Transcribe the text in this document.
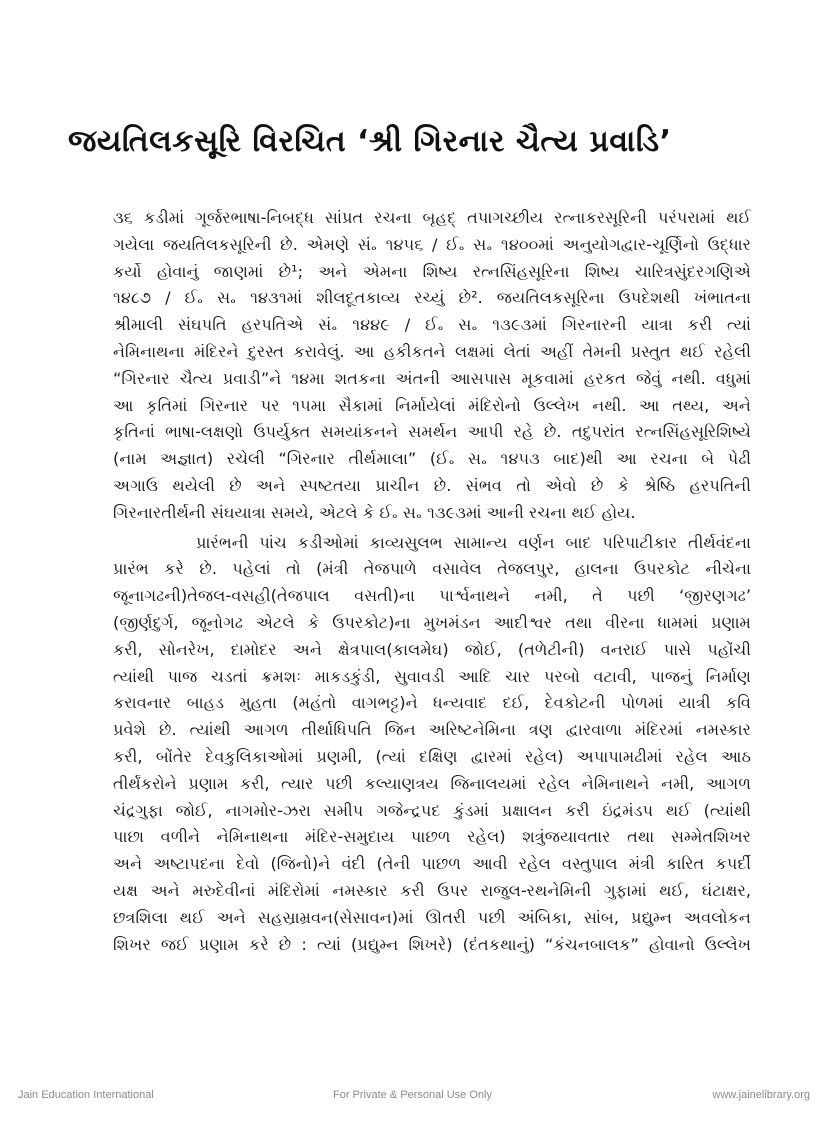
જયતિલકસૂરિ વિરચિત ‘શ્રી ગિરનાર ચૈત્ય પ્રવાડિ’
૩૬ કડીમાં ગૂર્જરભાષા-નિબદ્ધ સાંપ્રત રચના બૃહદ્ તપાગચ્છીય રત્નાકરસૂરિની પરંપરામાં થઈ
ગયેલા જયતિલકસૂરિની છે. એમણે સં૰ ૧૪૫૬ / ઈ૰ સ૰ ૧૪૦૦માં અનુયોગદ્વાર-ચૂર્ણિનો ઉદ્ધાર
કર્યો હોવાનું જાણમાં છે¹; અને એમના શિષ્ય રત્નસિંહસૂરિના શિષ્ય ચારિત્રસુંદરગણિએ
૧૪૮૭ / ઈ૰ સ૰ ૧૪૩૧માં શીલદૂતકાવ્ય રચ્યું છે². જયતિલકસૂરિના ઉપદેશથી ખંભાતના
શ્રીમાલી સંઘપતિ હરપતિએ સં૰ ૧૪૪૯ / ઈ૰ સ૰ ૧૩૯૩માં ગિરનારની યાત્રા કરી ત્યાં
નેમિનાથના મંદિરને દુરસ્ત કરાવેલું. આ હકીકતને લક્ષમાં લેતાં અહીં તેમની પ્રસ્તુત થઈ રહેલી
“ગિરનાર ચૈત્ય પ્રવાડી”ને ૧૪મા શતકના અંતની આસપાસ મૂકવામાં હરકત જેવું નથી. વધુમાં
આ કૃતિમાં ગિરનાર પર ૧૫મા સૈકામાં નિર્માયેલાં મંદિરોનો ઉલ્લેખ નથી. આ તથ્ય, અને
કૃતિનાં ભાષા-લક્ષણો ઉપર્યુક્ત સમયાંકનને સમર્થન આપી રહે છે. તદુપરાંત રત્નસિંહસૂરિશિષ્યે
(નામ અજ્ઞાત) રચેલી “ગિરનાર તીર્થમાલા” (ઈ૰ સ૰ ૧૪૫૩ બાદ)થી આ રચના બે પેઢી
અગાઉ થયેલી છે અને સ્પષ્ટતયા પ્રાચીન છે. સંભવ તો એવો છે કે શ્રેષ્ઠિ હરપતિની
ગિરનારતીર્થની સંઘયાત્રા સમયે, એટલે કે ઈ૰ સ૰ ૧૩૯૩માં આની રચના થઈ હોય.
પ્રારંભની પાંચ કડીઓમાં કાવ્યસુલભ સામાન્ય વર્ણન બાદ પરિપાટીકાર તીર્થવંદના
પ્રારંભ કરે છે. પહેલાં તો (મંત્રી તેજપાળે વસાવેલ તેજલપુર, હાલના ઉપરકોટ નીચેના
જૂનાગઢની)તેજલ-વસહી(તેજપાલ વસતી)ના પાર્શ્વનાથને નમી, તે પછી ‘જીરણગઢ’
(જીર્ણદુર્ગ, જૂનોગઢ એટલે કે ઉપરકોટ)ના મુખમંડન આદીશ્વર તથા વીરના ધામમાં પ્રણામ
કરી, સોનરેખ, દામોદર અને ક્ષેત્રપાલ(કાલમેઘ) જોઈ, (તળેટીની) વનરાઈ પાસે પહોંચી
ત્યાંથી પાજ ચડતાં ક્રમશઃ માકડકુંડી, સુવાવડી આદિ ચાર પરબો વટાવી, પાજનું નિર્માણ
કરાવનાર બાહડ મુહતા (મહંતો વાગભટ્ટ)ને ધન્યવાદ દઈ, દેવકોટની પોળમાં યાત્રી કવિ
પ્રવેશે છે. ત્યાંથી આગળ તીર્થાધિપતિ જિન અરિષ્ટનેમિના ત્રણ દ્વારવાળા મંદિરમાં નમસ્કાર
કરી, બોંતેર દેવકુલિકાઓમાં પ્રણમી, (ત્યાં દક્ષિણ દ્વારમાં રહેલ) અપાપામઢીમાં રહેલ આઠ
તીર્થંકરોને પ્રણામ કરી, ત્યાર પછી કલ્યાણત્રય જિનાલયમાં રહેલ નેમિનાથને નમી, આગળ
ચંદ્રગુફા જોઈ, નાગમોર-ઝરા સમીપ ગજેન્દ્રપદ કુંડમાં પ્રક્ષાલન કરી ઇંદ્રમંડપ થઈ (ત્યાંથી
પાછા વળીને નેમિનાથના મંદિર-સમુદાય પાછળ રહેલ) શત્રુંજયાવતાર તથા સમ્મેતશિખર
અને અષ્ટાપદના દેવો (જિનો)ને વંદી (તેની પાછળ આવી રહેલ વસ્તુપાલ મંત્રી કારિત કપર્દી
યક્ષ અને મરુદેવીનાં મંદિરોમાં નમસ્કાર કરી ઉપર રાજુલ-રથનેમિની ગુફામાં થઈ, ઘંટાક્ષર,
છત્રશિલા થઈ અને સહસ્રામ્રવન(સેસાવન)માં ઊતરી પછી અંબિકા, સાંબ, પ્રદ્યુમ્ન અવલોકન
શિખર જઈ પ્રણામ કરે છે : ત્યાં (પ્રદ્યુમ્ન શિખરે) (દંતકથાનું) “કંચનબાલક” હોવાનો ઉલ્લેખ
Jain Education International	For Private & Personal Use Only	www.jainelibrary.org
